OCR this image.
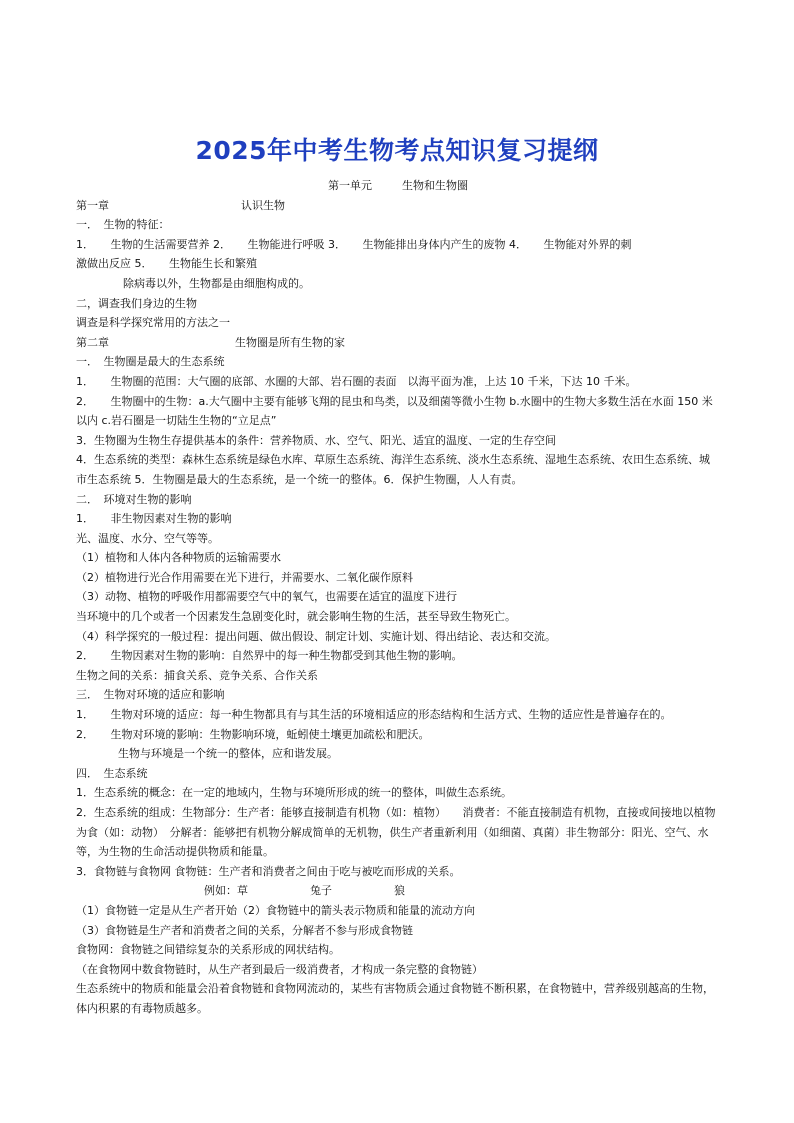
2025年中考生物考点知识复习提纲
第一单元	生物和生物圈
第一章	认识生物
一．　生物的特征：
1．　　生物的生活需要营养 2．　　生物能进行呼吸 3．　　生物能排出身体内产生的废物 4．　　生物能对外界的刺
激做出反应 5．　　生物能生长和繁殖
除病毒以外，生物都是由细胞构成的。
二，调查我们身边的生物
调查是科学探究常用的方法之一
第二章	生物圈是所有生物的家
一．　生物圈是最大的生态系统
1．　　生物圈的范围：大气圈的底部、水圈的大部、岩石圈的表面　以海平面为准，上达 10 千米，下达 10 千米。
2．　　生物圈中的生物：a.大气圈中主要有能够飞翔的昆虫和鸟类，以及细菌等微小生物 b.水圈中的生物大多数生活在水面 150 米以内 c.岩石圈是一切陆生生物的“立足点”
3．生物圈为生物生存提供基本的条件：营养物质、水、空气、阳光、适宜的温度、一定的生存空间
4．生态系统的类型：森林生态系统是绿色水库、草原生态系统、海洋生态系统、淡水生态系统、湿地生态系统、农田生态系统、城市生态系统 5．生物圈是最大的生态系统，是一个统一的整体。6．保护生物圈，人人有责。
二．　环境对生物的影响
1．　　非生物因素对生物的影响
光、温度、水分、空气等等。
（1）植物和人体内各种物质的运输需要水
（2）植物进行光合作用需要在光下进行，并需要水、二氧化碳作原料
（3）动物、植物的呼吸作用都需要空气中的氧气，也需要在适宜的温度下进行
当环境中的几个或者一个因素发生急剧变化时，就会影响生物的生活，甚至导致生物死亡。
（4）科学探究的一般过程：提出问题、做出假设、制定计划、实施计划、得出结论、表达和交流。
2．　　生物因素对生物的影响：自然界中的每一种生物都受到其他生物的影响。
生物之间的关系：捕食关系、竞争关系、合作关系
三．　生物对环境的适应和影响
1．　　生物对环境的适应：每一种生物都具有与其生活的环境相适应的形态结构和生活方式、生物的适应性是普遍存在的。
2．　　生物对环境的影响：生物影响环境，蚯蚓使土壤更加疏松和肥沃。
生物与环境是一个统一的整体，应和谐发展。
四．　生态系统
1．生态系统的概念：在一定的地域内，生物与环境所形成的统一的整体，叫做生态系统。
2．生态系统的组成：生物部分：生产者：能够直接制造有机物（如：植物）　　消费者：不能直接制造有机物，直接或间接地以植物为食（如：动物）　分解者：能够把有机物分解成简单的无机物，供生产者重新利用（如细菌、真菌）非生物部分：阳光、空气、水等，为生物的生命活动提供物质和能量。
3．食物链与食物网 食物链：生产者和消费者之间由于吃与被吃而形成的关系。
例如：草	兔子	狼
（1）食物链一定是从生产者开始（2）食物链中的箭头表示物质和能量的流动方向
（3）食物链是生产者和消费者之间的关系，分解者不参与形成食物链
食物网：食物链之间错综复杂的关系形成的网状结构。
（在食物网中数食物链时，从生产者到最后一级消费者，才构成一条完整的食物链）
生态系统中的物质和能量会沿着食物链和食物网流动的，某些有害物质会通过食物链不断积累，在食物链中，营养级别越高的生物，体内积累的有毒物质越多。
